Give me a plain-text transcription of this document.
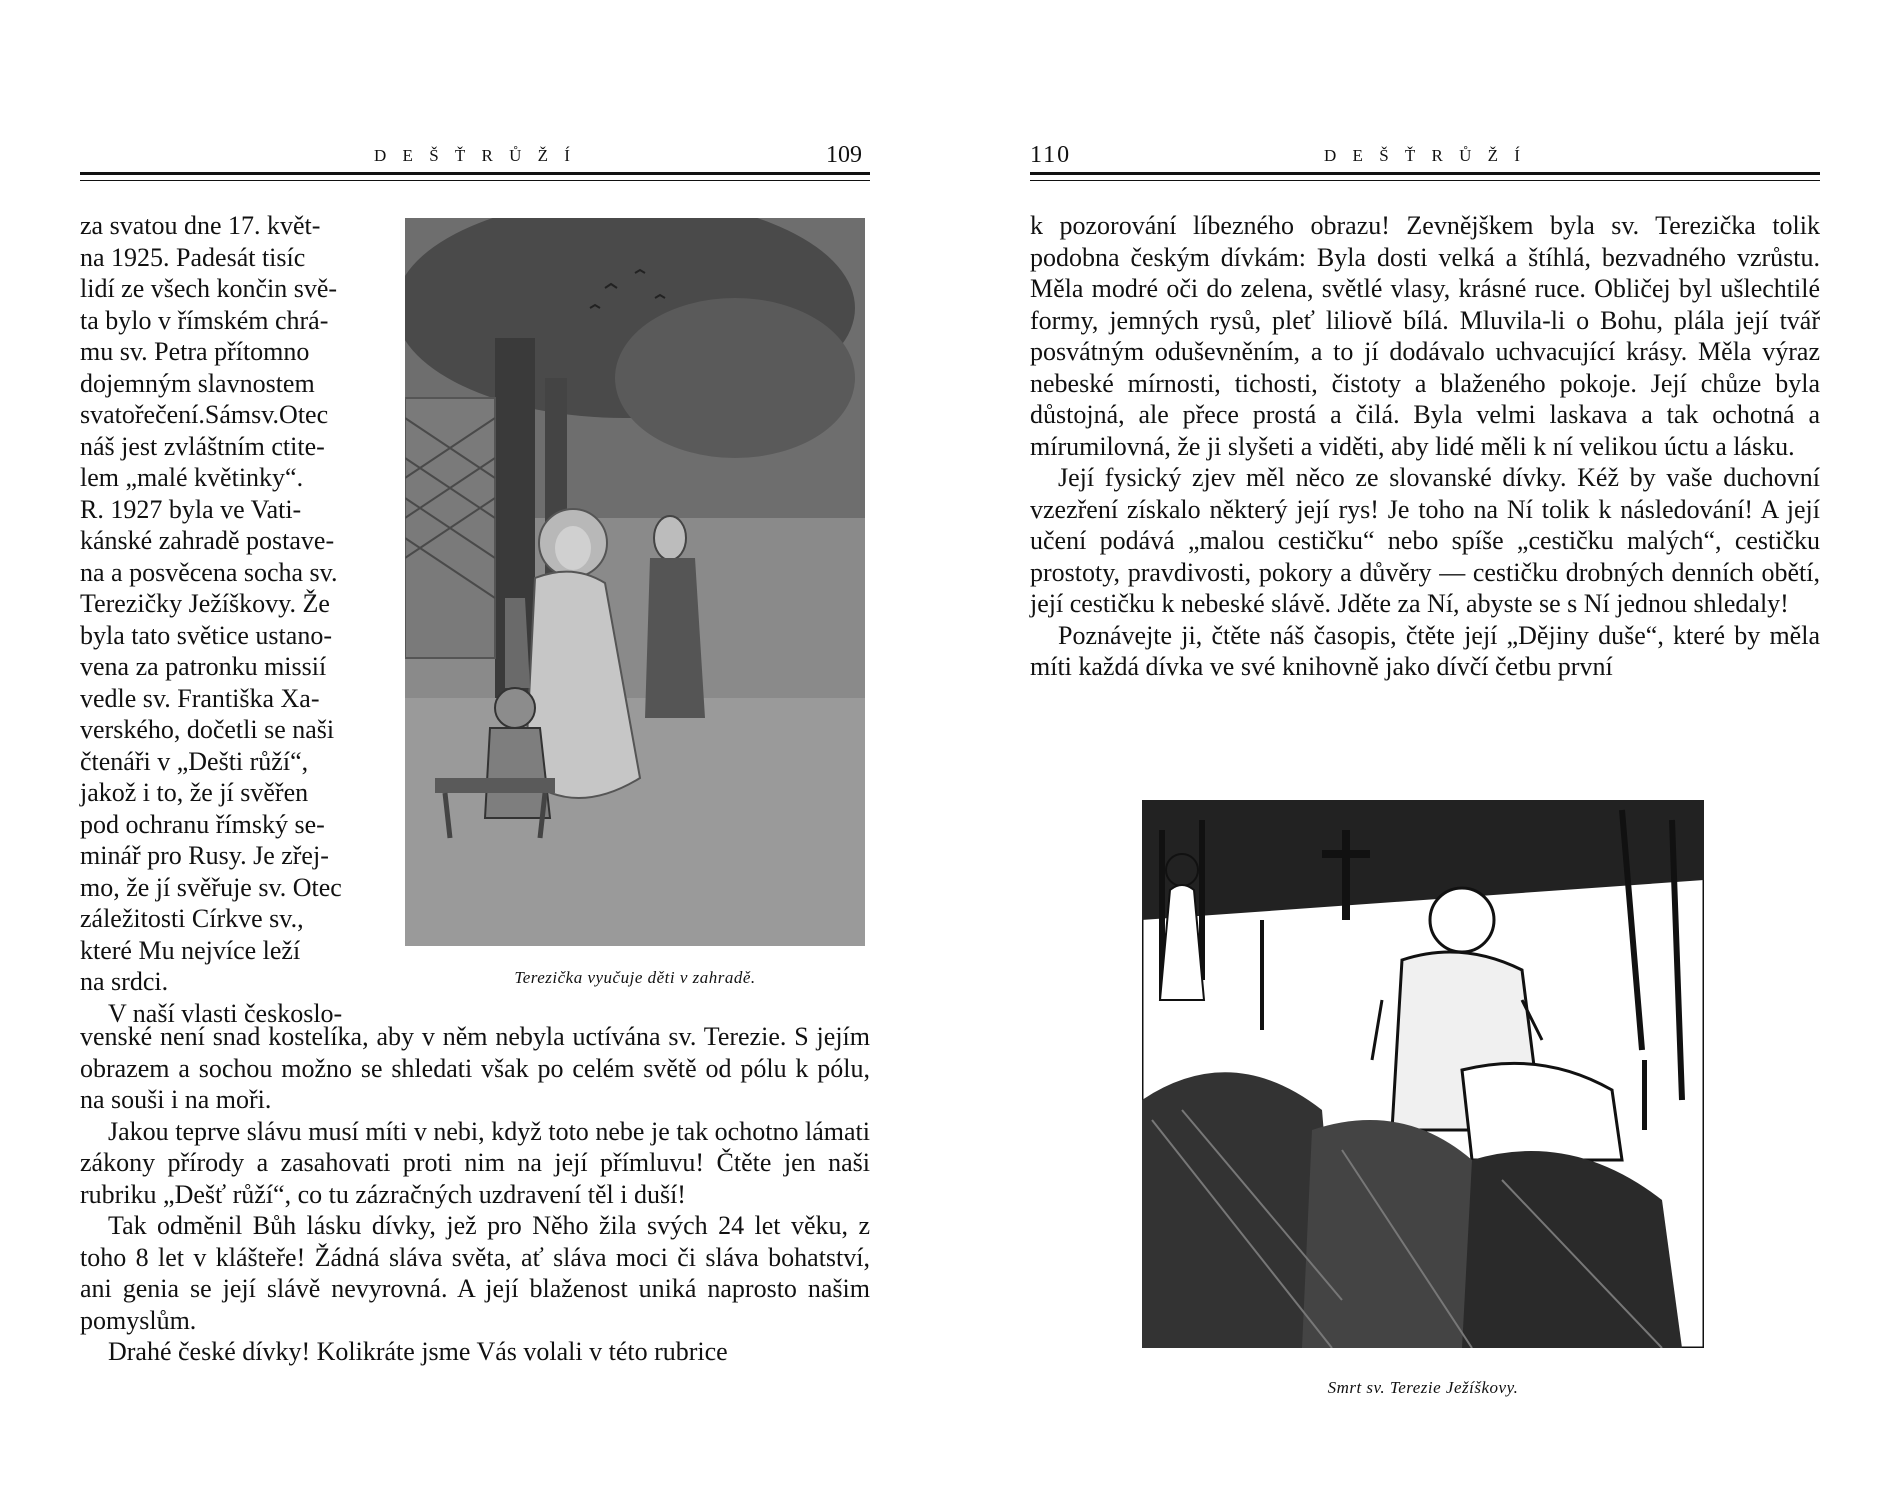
D E Š Ť R Ů Ž Í	109

za svatou dne 17. květ-

na 1925. Padesát tisíc

lidí ze všech končin svě-

ta bylo v římském chrá-

mu sv. Petra přítomno

dojemným slavnostem

svatořečení.Sámsv.Otec

náš jest zvláštním ctite-

lem „malé květinky“.

R. 1927 byla ve Vati-

kánské zahradě postave-

na a posvěcena socha sv.

Terezičky Ježíškovy. Že

byla tato světice ustano-

vena za patronku missií

vedle sv. Františka Xa-

verského, dočetli se naši

čtenáři v „Dešti růží“,

jakož i to, že jí svěřen

pod ochranu římský se-

minář pro Rusy. Je zřej-

mo, že jí svěřuje sv. Otec

záležitosti Církve sv.,

které Mu nejvíce leží

na srdci.

V naší vlasti českoslo-

Terezička vyučuje děti v zahradě.

venské není snad kostelíka, aby v něm nebyla uctívána sv. Terezie. S jejím obrazem a sochou možno se shledati však po celém světě od pólu k pólu, na souši i na moři.

Jakou teprve slávu musí míti v nebi, když toto nebe je tak ochotno lámati zákony přírody a zasahovati proti nim na její přímluvu! Čtěte jen naši rubriku „Dešť růží“, co tu zázračných uzdravení těl i duší!

Tak odměnil Bůh lásku dívky, jež pro Něho žila svých 24 let věku, z toho 8 let v klášteře! Žádná sláva světa, ať sláva moci či sláva bohatství, ani genia se její slávě nevyrovná. A její blaženost uniká naprosto našim pomyslům.

Drahé české dívky! Kolikráte jsme Vás volali v této rubrice

110	D E Š Ť R Ů Ž Í

k pozorování líbezného obrazu! Zevnějškem byla sv. Terezička tolik podobna českým dívkám: Byla dosti velká a štíhlá, bezvadného vzrůstu. Měla modré oči do zelena, světlé vlasy, krásné ruce. Obličej byl ušlechtilé formy, jemných rysů, pleť liliově bílá. Mluvila-li o Bohu, plála její tvář posvátným oduševněním, a to jí dodávalo uchvacující krásy. Měla výraz nebeské mírnosti, tichosti, čistoty a blaženého pokoje. Její chůze byla důstojná, ale přece prostá a čilá. Byla velmi laskava a tak ochotná a mírumilovná, že ji slyšeti a viděti, aby lidé měli k ní velikou úctu a lásku.

Její fysický zjev měl něco ze slovanské dívky. Kéž by vaše duchovní vzezření získalo některý její rys! Je toho na Ní tolik k následování! A její učení podává „malou cestičku“ nebo spíše „cestičku malých“, cestičku prostoty, pravdivosti, pokory a důvěry — cestičku drobných denních obětí, její cestičku k nebeské slávě. Jděte za Ní, abyste se s Ní jednou shledaly!

Poznávejte ji, čtěte náš časopis, čtěte její „Dějiny duše“, které by měla míti každá dívka ve své knihovně jako dívčí četbu první

Smrt sv. Terezie Ježíškovy.
